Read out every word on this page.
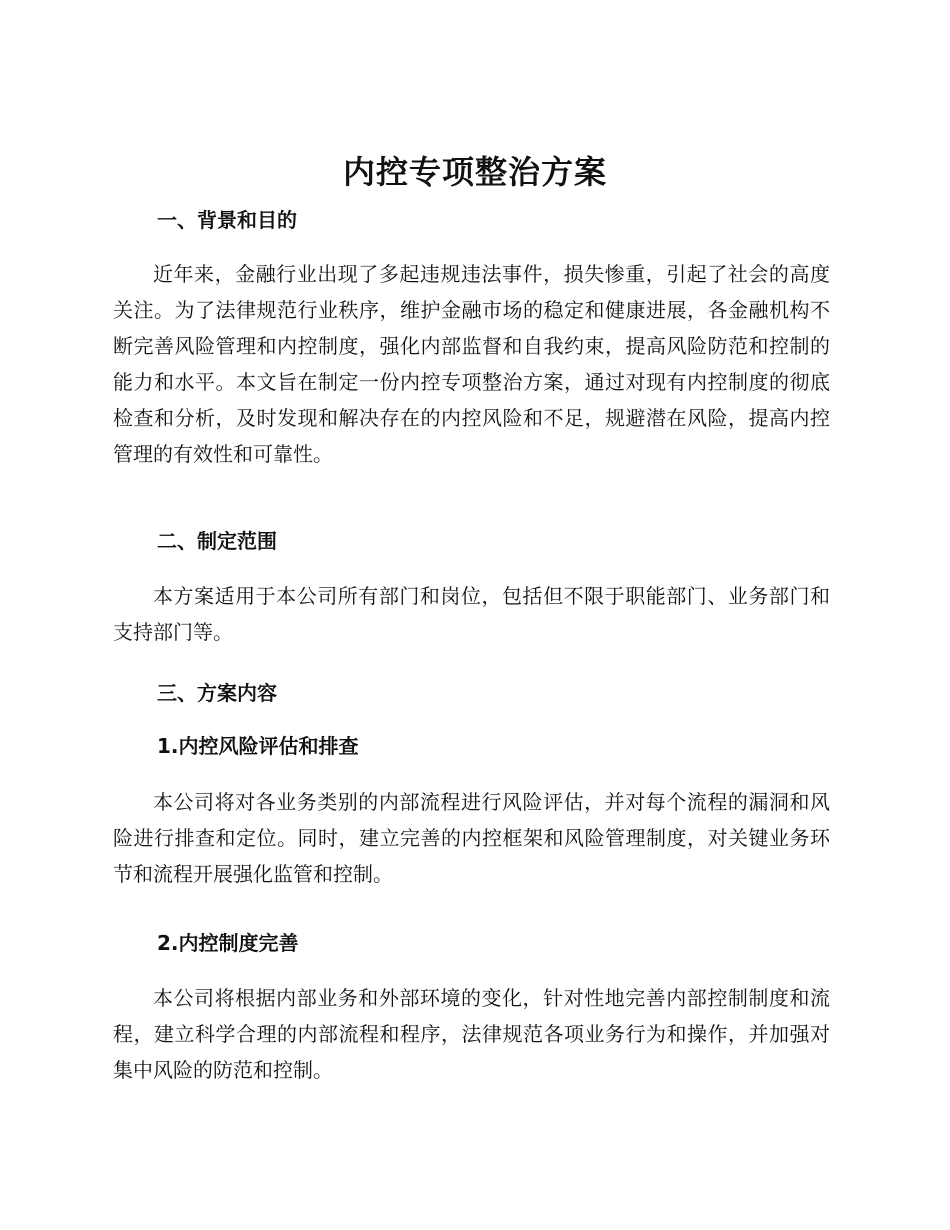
内控专项整治方案
一、背景和目的
近年来，金融行业出现了多起违规违法事件，损失惨重，引起了社会的高度关注。为了法律规范行业秩序，维护金融市场的稳定和健康进展，各金融机构不断完善风险管理和内控制度，强化内部监督和自我约束，提高风险防范和控制的能力和水平。本文旨在制定一份内控专项整治方案，通过对现有内控制度的彻底检查和分析，及时发现和解决存在的内控风险和不足，规避潜在风险，提高内控管理的有效性和可靠性。
二、制定范围
本方案适用于本公司所有部门和岗位，包括但不限于职能部门、业务部门和支持部门等。
三、方案内容
1.内控风险评估和排查
本公司将对各业务类别的内部流程进行风险评估，并对每个流程的漏洞和风险进行排查和定位。同时，建立完善的内控框架和风险管理制度，对关键业务环节和流程开展强化监管和控制。
2.内控制度完善
本公司将根据内部业务和外部环境的变化，针对性地完善内部控制制度和流程，建立科学合理的内部流程和程序，法律规范各项业务行为和操作，并加强对集中风险的防范和控制。
